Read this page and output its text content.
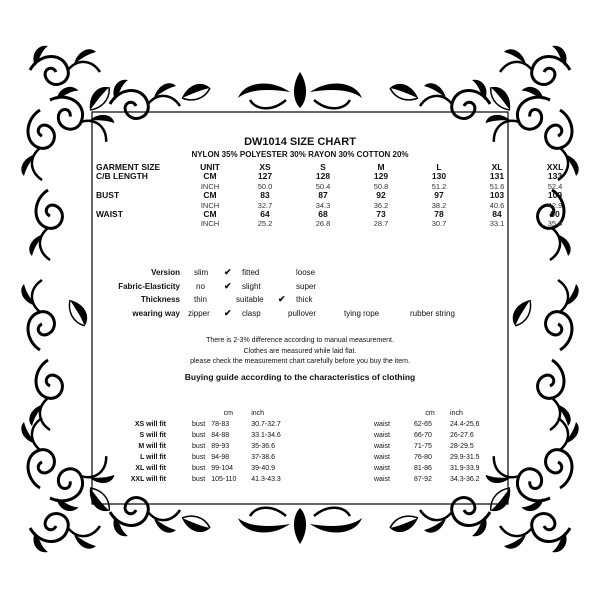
DW1014 SIZE CHART
NYLON 35% POLYESTER 30% RAYON 30% COTTON 20%
GARMENT SIZE	UNIT	XS	S	M	L	XL	XXL
C/B LENGTH	CM	127	128	129	130	131	133
	INCH	50.0	50.4	50.8	51.2	51.6	52.4
BUST	CM	83	87	92	97	103	109
	INCH	32.7	34.3	36.2	38.2	40.6	42.9
WAIST	CM	64	68	73	78	84	90
	INCH	25.2	26.8	28.7	30.7	33.1	35.4
Version slim ✔ fitted	loose
Fabric-Elasticity no ✔ slight	super
Thickness thin	suitable ✔ thick
wearing way zipper ✔ clasp	pullover	tying rope	rubber string
There is 2-3% difference according to manual measurement.
Clothes are measured while laid flat.
please check the measurement chart carefully before you buy the item.
Buying guide according to the characteristics of clothing
		cm	inch
XS will fit	bust	78-83	30.7-32.7
S will fit	bust	84-88	33.1-34.6
M will fit	bust	89-93	35-36.6
L will fit	bust	94-98	37-38.6
XL will fit	bust	99-104	39-40.9
XXL will fit	bust	105-110	41.3-43.3
	cm	inch
waist	62-65	24.4-25.6
waist	66-70	26-27.6
waist	71-75	28-29.5
waist	76-80	29.9-31.5
waist	81-86	31.9-33.9
waist	87-92	34.3-36.2
